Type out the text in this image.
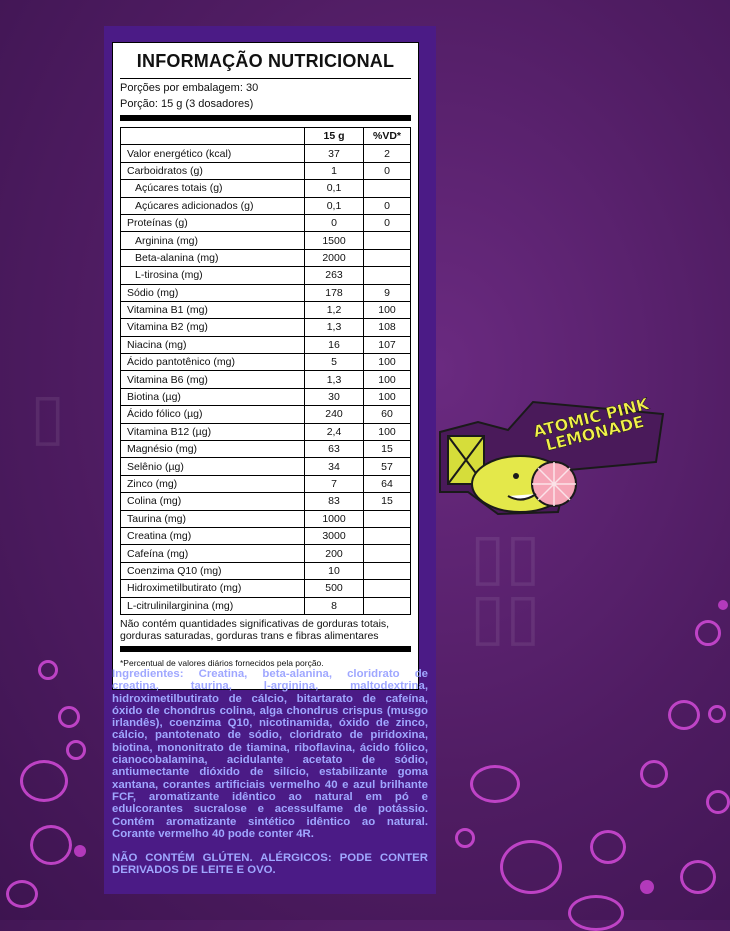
▯▯
▯▯
▯	ATOMIC PINK LEMONADE
INFORMAÇÃO NUTRICIONAL
Porções por embalagem: 30
Porção: 15 g (3 dosadores)
	15 g	%VD*
Valor energético (kcal)	37	2
Carboidratos (g)	1	0
Açúcares totais (g)	0,1	
Açúcares adicionados (g)	0,1	0
Proteínas (g)	0	0
Arginina (mg)	1500	
Beta-alanina (mg)	2000	
L-tirosina (mg)	263	
Sódio (mg)	178	9
Vitamina B1 (mg)	1,2	100
Vitamina B2 (mg)	1,3	108
Niacina (mg)	16	107
Ácido pantotênico (mg)	5	100
Vitamina B6 (mg)	1,3	100
Biotina (µg)	30	100
Ácido fólico (µg)	240	60
Vitamina B12 (µg)	2,4	100
Magnésio (mg)	63	15
Selênio (µg)	34	57
Zinco (mg)	7	64
Colina (mg)	83	15
Taurina (mg)	1000	
Creatina (mg)	3000	
Cafeína (mg)	200	
Coenzima Q10 (mg)	10	
Hidroximetilbutirato (mg)	500	
L-citrulinilarginina (mg)	8	
Não contém quantidades significativas de gorduras totais, gorduras saturadas, gorduras trans e fibras alimentares
*Percentual de valores diários fornecidos pela porção.
Ingredientes: Creatina, beta-alanina, cloridrato de creatina, taurina, l-arginina, maltodextrina, hidroximetilbutirato de cálcio, bitartarato de cafeína, óxido de chondrus colina, alga chondrus crispus (musgo irlandês), coenzima Q10, nicotinamida, óxido de zinco, cálcio, pantotenato de sódio, cloridrato de piridoxina, biotina, mononitrato de tiamina, riboflavina, ácido fólico, cianocobalamina, acidulante acetato de sódio, antiumectante dióxido de silício, estabilizante goma xantana, corantes artificiais vermelho 40 e azul brilhante FCF, aromatizante idêntico ao natural em pó e edulcorantes sucralose e acessulfame de potássio. Contém aromatizante sintético idêntico ao natural. Corante vermelho 40 pode conter 4R.
NÃO CONTÉM GLÚTEN. ALÉRGICOS: PODE CONTER DERIVADOS DE LEITE E OVO.
